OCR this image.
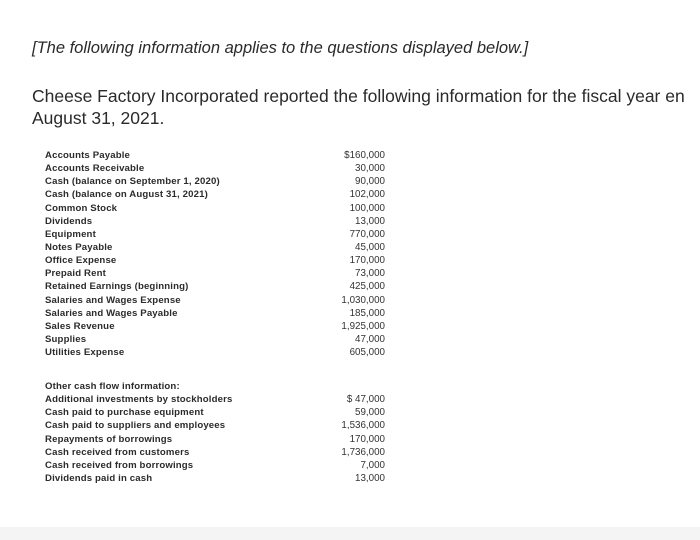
[The following information applies to the questions displayed below.]
Cheese Factory Incorporated reported the following information for the fiscal year en
August 31, 2021.
Accounts Payable	$160,000
Accounts Receivable	30,000
Cash (balance on September 1, 2020)	90,000
Cash (balance on August 31, 2021)	102,000
Common Stock	100,000
Dividends	13,000
Equipment	770,000
Notes Payable	45,000
Office Expense	170,000
Prepaid Rent	73,000
Retained Earnings (beginning)	425,000
Salaries and Wages Expense	1,030,000
Salaries and Wages Payable	185,000
Sales Revenue	1,925,000
Supplies	47,000
Utilities Expense	605,000
Other cash flow information:
Additional investments by stockholders	$ 47,000
Cash paid to purchase equipment	59,000
Cash paid to suppliers and employees	1,536,000
Repayments of borrowings	170,000
Cash received from customers	1,736,000
Cash received from borrowings	7,000
Dividends paid in cash	13,000
